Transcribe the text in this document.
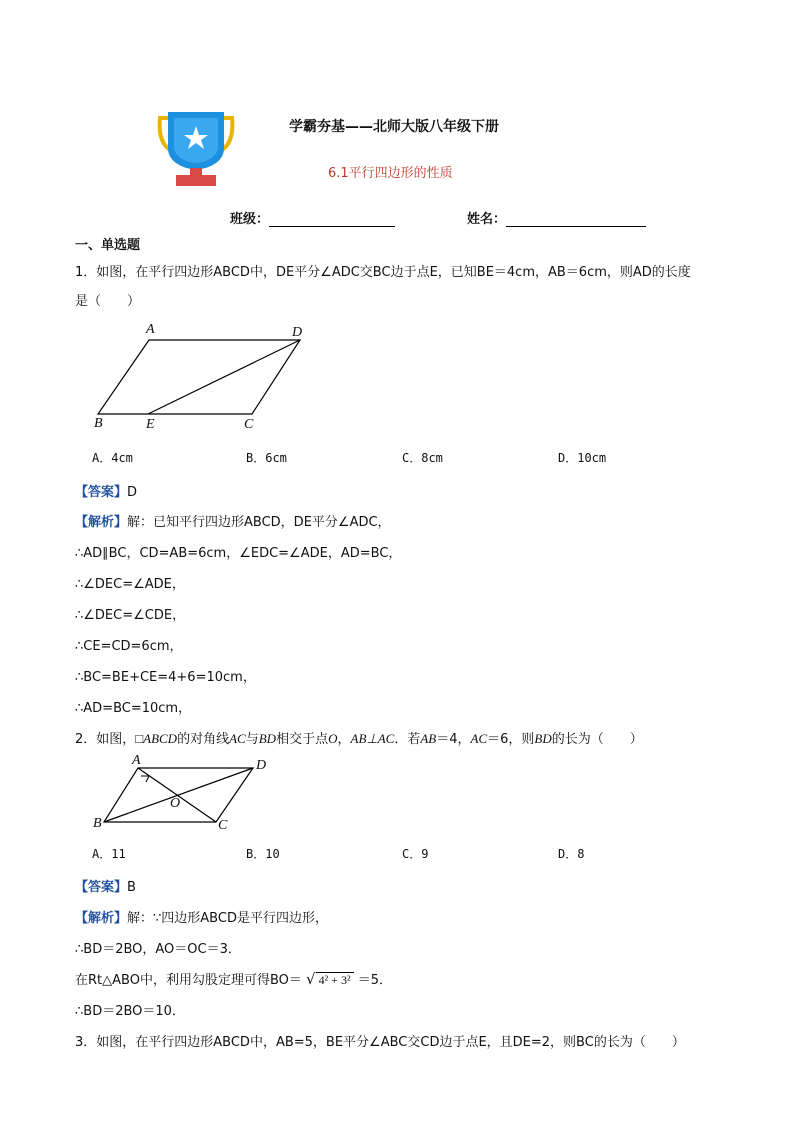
学霸夯基——北师大版八年级下册
6.1平行四边形的性质
班级：	姓名：
一、单选题
1．如图，在平行四边形ABCD中，DE平分∠ADC交BC边于点E，已知BE＝4cm，AB＝6cm，则AD的长度
是（　　）
A	D
B	E	C
A．4cm	B．6cm	C．8cm	D．10cm
【答案】D
【解析】解：已知平行四边形ABCD，DE平分∠ADC，
∴AD∥BC，CD=AB=6cm，∠EDC=∠ADE，AD=BC，
∴∠DEC=∠ADE，
∴∠DEC=∠CDE，
∴CE=CD=6cm，
∴BC=BE+CE=4+6=10cm，
∴AD=BC=10cm，
2．如图，□ABCD的对角线AC与BD相交于点O，AB⊥AC．若AB＝4，AC＝6，则BD的长为（　　）
A	D
O
B	C
A．11	B．10	C．9	D．8
【答案】B
【解析】解：∵四边形ABCD是平行四边形，
∴BD＝2BO，AO＝OC＝3．
在Rt△ABO中，利用勾股定理可得BO＝ √ 4² + 3² ＝5．
∴BD＝2BO＝10．
3．如图，在平行四边形ABCD中，AB=5，BE平分∠ABC交CD边于点E，且DE=2，则BC的长为（　　）
